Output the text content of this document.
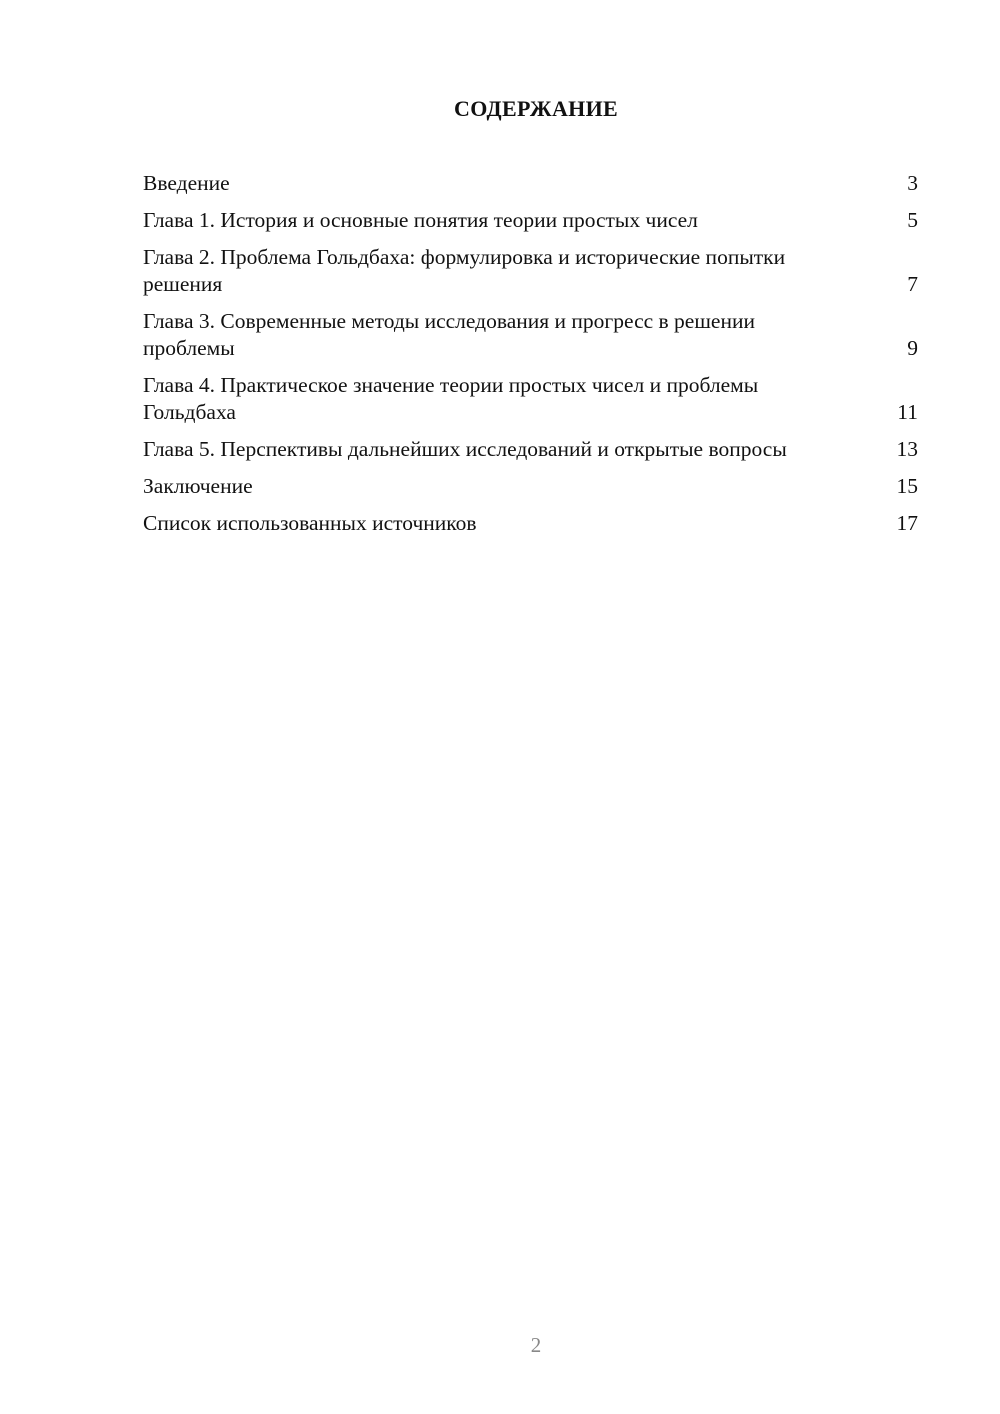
СОДЕРЖАНИЕ
Введение	3
Глава 1. История и основные понятия теории простых чисел	5
Глава 2. Проблема Гольдбаха: формулировка и исторические попытки решения	7
Глава 3. Современные методы исследования и прогресс в решении проблемы	9
Глава 4. Практическое значение теории простых чисел и проблемы Гольдбаха	11
Глава 5. Перспективы дальнейших исследований и открытые вопросы	13
Заключение	15
Список использованных источников	17
2
